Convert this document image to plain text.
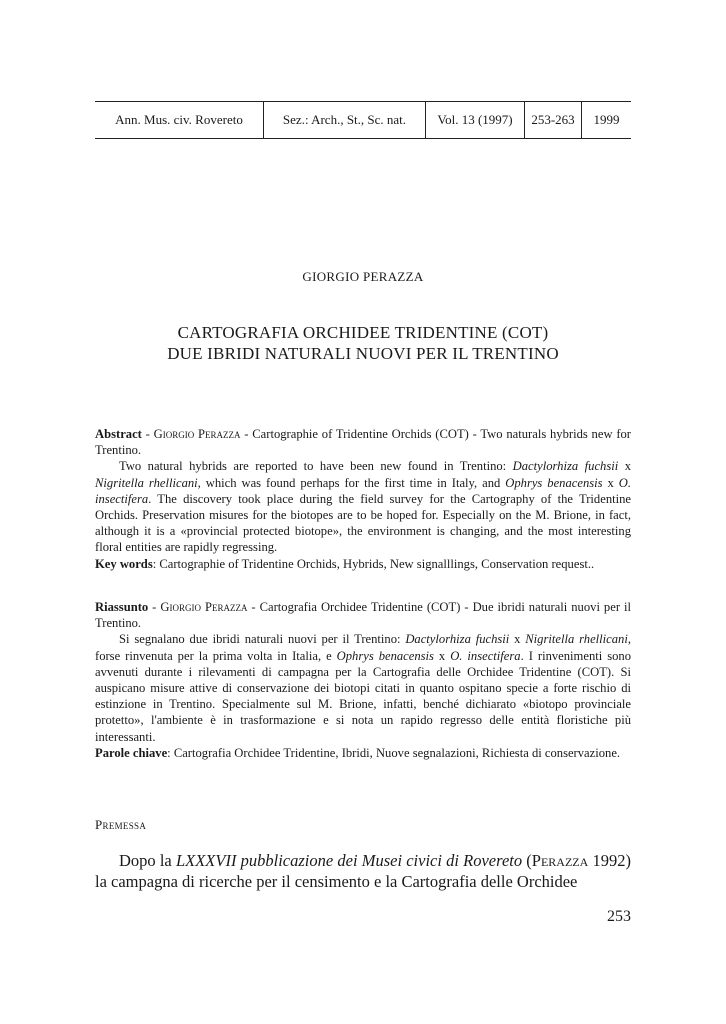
Ann. Mus. civ. Rovereto	Sez.: Arch., St., Sc. nat.	Vol. 13 (1997)	253-263	1999
GIORGIO PERAZZA
CARTOGRAFIA ORCHIDEE TRIDENTINE (COT)
DUE IBRIDI NATURALI NUOVI PER IL TRENTINO

Abstract - Giorgio Perazza - Cartographie of Tridentine Orchids (COT) - Two naturals hybrids new for Trentino.

Two natural hybrids are reported to have been new found in Trentino: Dactylorhiza fuchsii x Nigritella rhellicani, which was found perhaps for the first time in Italy, and Ophrys benacensis x O. insectifera. The discovery took place during the field survey for the Cartography of the Tridentine Orchids. Preservation misures for the biotopes are to be hoped for. Especially on the M. Brione, in fact, although it is a «provincial protected biotope», the environment is changing, and the most interesting floral entities are rapidly regressing.

Key words: Cartographie of Tridentine Orchids, Hybrids, New signalllings, Conservation request..

Riassunto - Giorgio Perazza - Cartografia Orchidee Tridentine (COT) - Due ibridi naturali nuovi per il Trentino.

Si segnalano due ibridi naturali nuovi per il Trentino: Dactylorhiza fuchsii x Nigritella rhellicani, forse rinvenuta per la prima volta in Italia, e Ophrys benacensis x O. insectifera. I rinvenimenti sono avvenuti durante i rilevamenti di campagna per la Cartografia delle Orchidee Tridentine (COT). Si auspicano misure attive di conservazione dei biotopi citati in quanto ospitano specie a forte rischio di estinzione in Trentino. Specialmente sul M. Brione, infatti, benché dichiarato «biotopo provinciale protetto», l'ambiente è in trasformazione e si nota un rapido regresso delle entità floristiche più interessanti.

Parole chiave: Cartografia Orchidee Tridentine, Ibridi, Nuove segnalazioni, Richiesta di conservazione.

Premessa

Dopo la LXXXVII pubblicazione dei Musei civici di Rovereto (Perazza 1992) la campagna di ricerche per il censimento e la Cartografia delle Orchidee

253
